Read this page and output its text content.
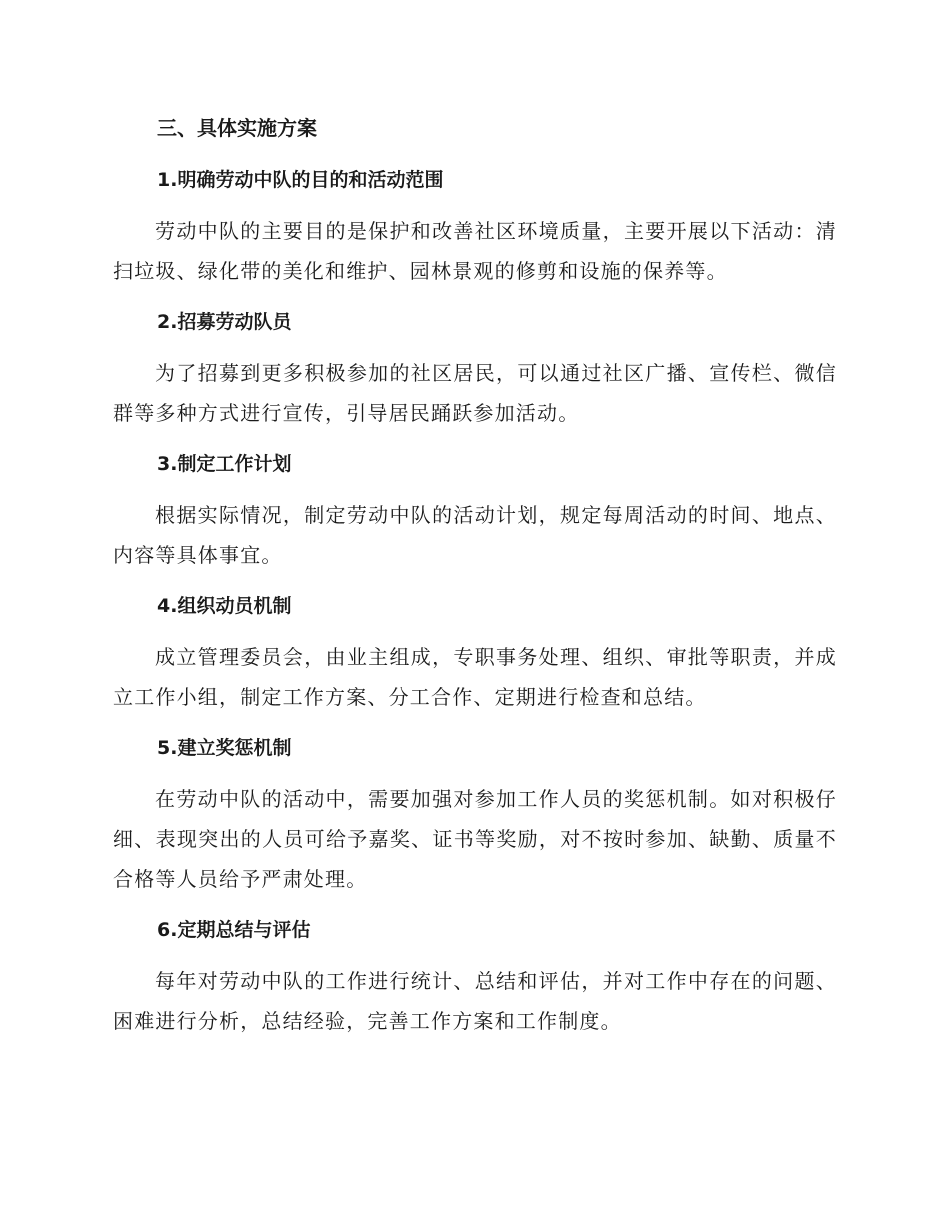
三、具体实施方案
1.明确劳动中队的目的和活动范围
劳动中队的主要目的是保护和改善社区环境质量，主要开展以下活动：清扫垃圾、绿化带的美化和维护、园林景观的修剪和设施的保养等。
2.招募劳动队员
为了招募到更多积极参加的社区居民，可以通过社区广播、宣传栏、微信群等多种方式进行宣传，引导居民踊跃参加活动。
3.制定工作计划
根据实际情况，制定劳动中队的活动计划，规定每周活动的时间、地点、内容等具体事宜。
4.组织动员机制
成立管理委员会，由业主组成，专职事务处理、组织、审批等职责，并成立工作小组，制定工作方案、分工合作、定期进行检查和总结。
5.建立奖惩机制
在劳动中队的活动中，需要加强对参加工作人员的奖惩机制。如对积极仔细、表现突出的人员可给予嘉奖、证书等奖励，对不按时参加、缺勤、质量不合格等人员给予严肃处理。
6.定期总结与评估
每年对劳动中队的工作进行统计、总结和评估，并对工作中存在的问题、困难进行分析，总结经验，完善工作方案和工作制度。
